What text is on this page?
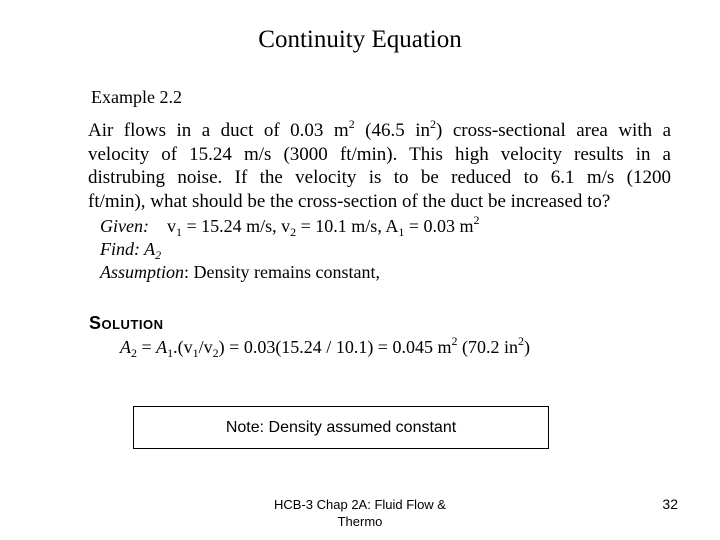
Continuity Equation
Example 2.2
Air flows in a duct of 0.03 $m^2$ (46.5 $in^2$) cross-sectional area with a
velocity of 15.24 m/s (3000 ft/min). This high velocity results in a
distrubing noise. If the velocity is to be reduced to 6.1 m/s (1200
ft/min), what should be the cross-section of the duct be increased to?
Given: $v_1 = 15.24$ m/s, $v_2 = 10.1$ m/s, $A_1 = 0.03$ $m^2$
Find: $A_2$
Assumption: Density remains constant,
Solution
$A_2 = A_1.(v_1/v_2) = 0.03(15.24 / 10.1) = 0.045$ $m^2$ (70.2 $in^2$)
Note: Density assumed constant
HCB-3 Chap 2A: Fluid Flow & Thermo
32
